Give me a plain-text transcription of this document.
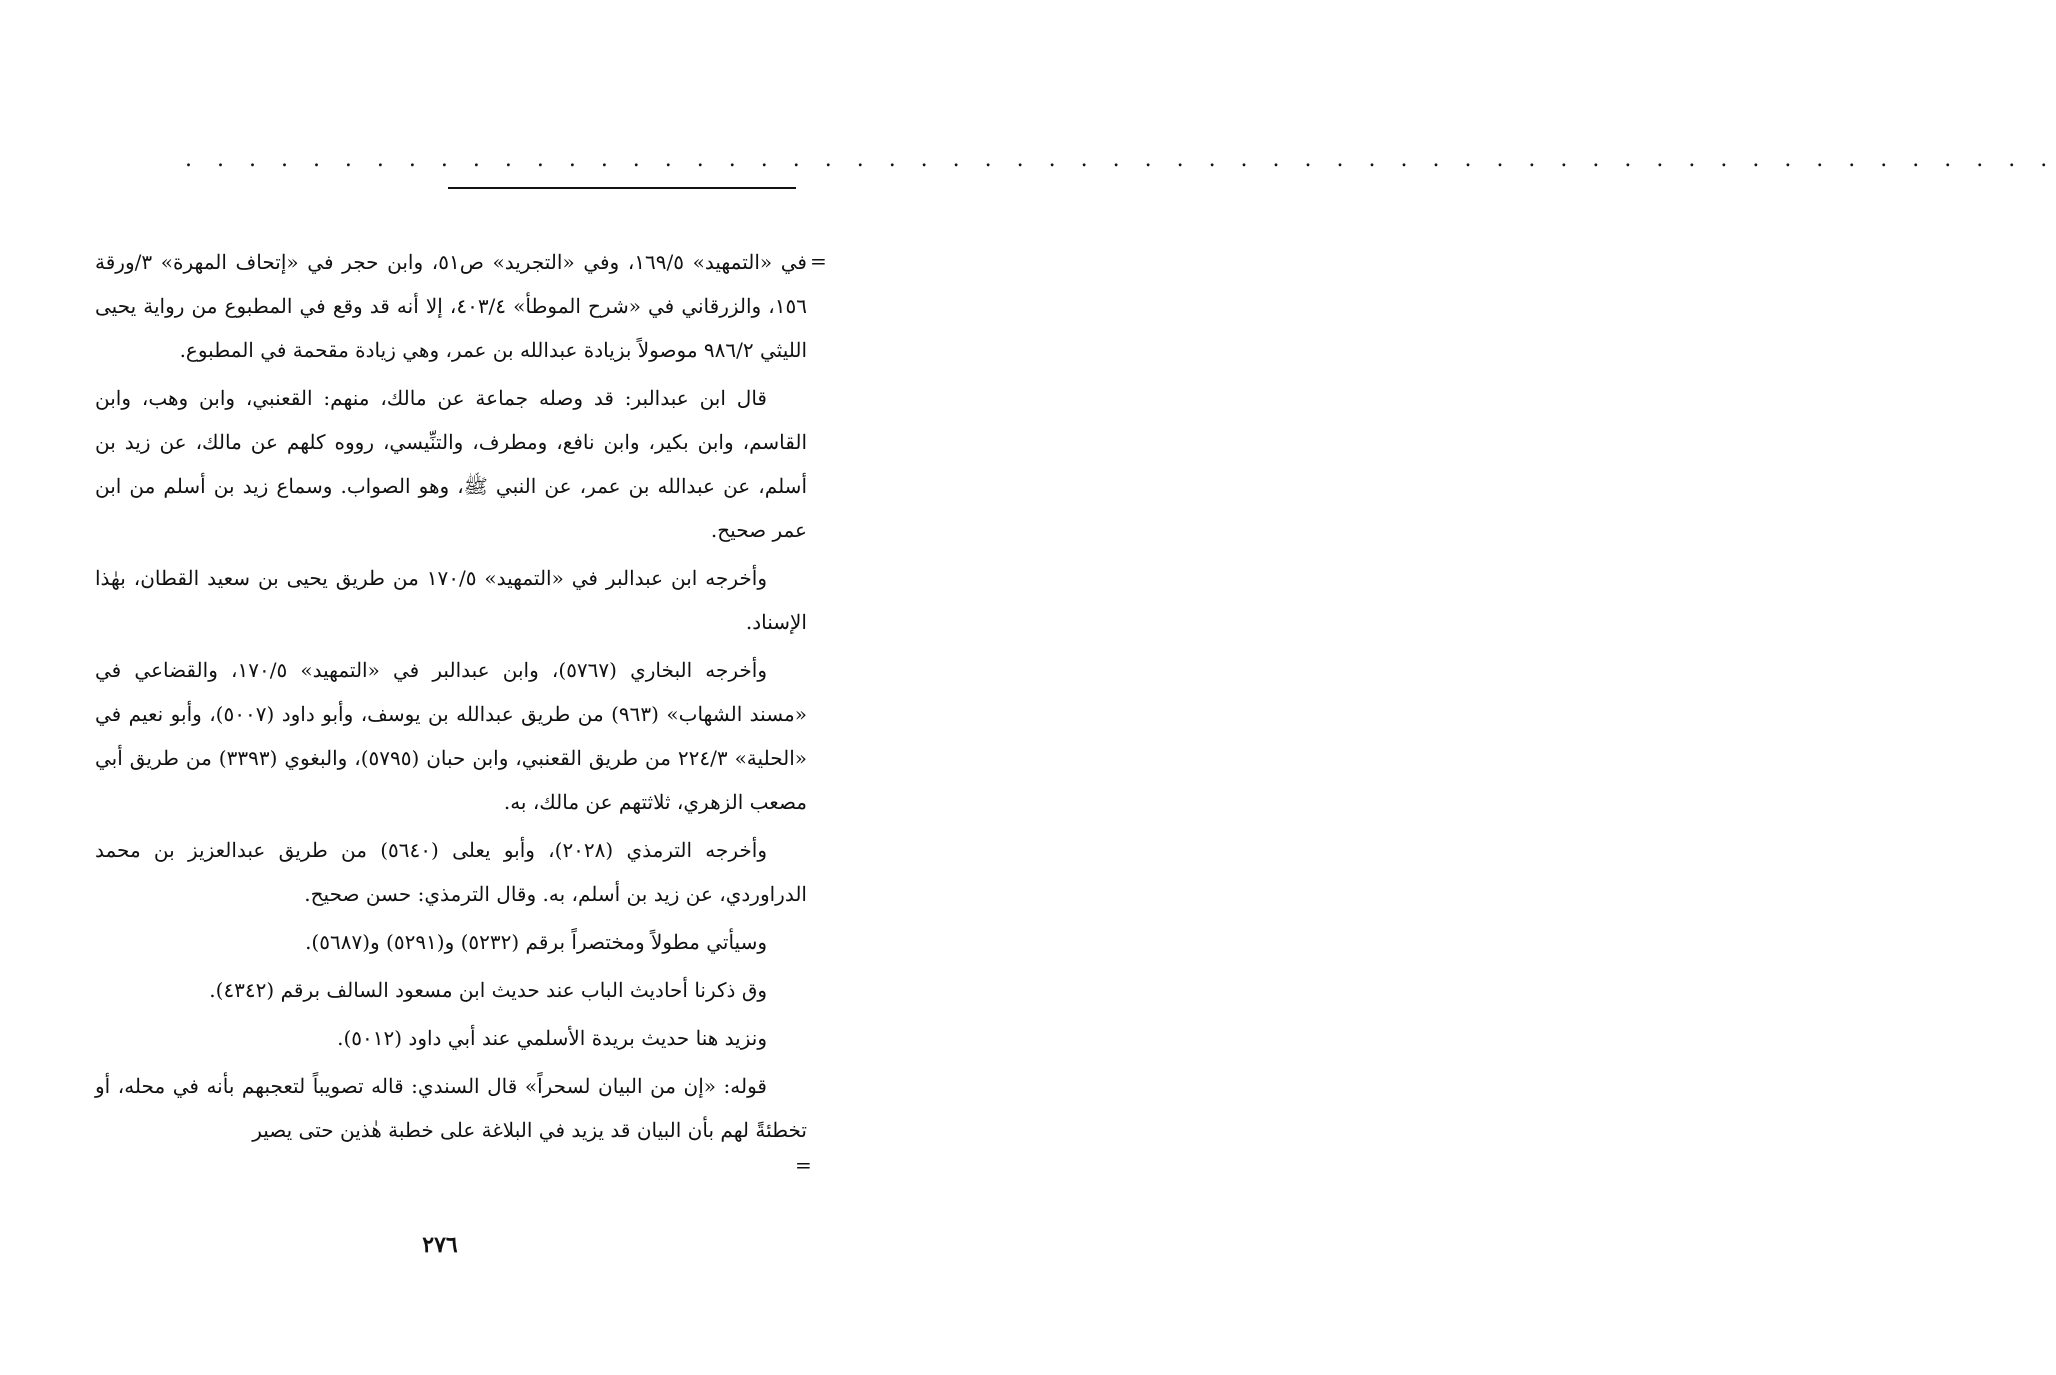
. . . . . . . . . . . . . . . . . . . . . . . . . . . . . . . . . . . . . . . . . . . . . . . . . . . . . . . . . . .
=

في «التمهيد» ١٦٩/٥، وفي «التجريد» ص٥١، وابن حجر في «إتحاف المهرة» ٣/ورقة ١٥٦، والزرقاني في «شرح الموطأ» ٤٠٣/٤، إلا أنه قد وقع في المطبوع من رواية يحيى الليثي ٩٨٦/٢ موصولاً بزيادة عبدالله بن عمر، وهي زيادة مقحمة في المطبوع.

قال ابن عبدالبر: قد وصله جماعة عن مالك، منهم: القعنبي، وابن وهب، وابن القاسم، وابن بكير، وابن نافع، ومطرف، والتنِّيسي، رووه كلهم عن مالك، عن زيد بن أسلم، عن عبدالله بن عمر، عن النبي ﷺ، وهو الصواب. وسماع زيد بن أسلم من ابن عمر صحيح.

وأخرجه ابن عبدالبر في «التمهيد» ١٧٠/٥ من طريق يحيى بن سعيد القطان، بهٰذا الإسناد.

وأخرجه البخاري (٥٧٦٧)، وابن عبدالبر في «التمهيد» ١٧٠/٥، والقضاعي في «مسند الشهاب» (٩٦٣) من طريق عبدالله بن يوسف، وأبو داود (٥٠٠٧)، وأبو نعيم في «الحلية» ٢٢٤/٣ من طريق القعنبي، وابن حبان (٥٧٩٥)، والبغوي (٣٣٩٣) من طريق أبي مصعب الزهري، ثلاثتهم عن مالك، به.

وأخرجه الترمذي (٢٠٢٨)، وأبو يعلى (٥٦٤٠) من طريق عبدالعزيز بن محمد الدراوردي، عن زيد بن أسلم، به. وقال الترمذي: حسن صحيح.

وسيأتي مطولاً ومختصراً برقم (٥٢٣٢) و(٥٢٩١) و(٥٦٨٧).

وق ذكرنا أحاديث الباب عند حديث ابن مسعود السالف برقم (٤٣٤٢).

ونزيد هنا حديث بريدة الأسلمي عند أبي داود (٥٠١٢).

قوله: «إن من البيان لسحراً» قال السندي: قاله تصويباً لتعجبهم بأنه في محله، أو تخطئةً لهم بأن البيان قد يزيد في البلاغة على خطبة هٰذين حتى يصير

=
٢٧٦
